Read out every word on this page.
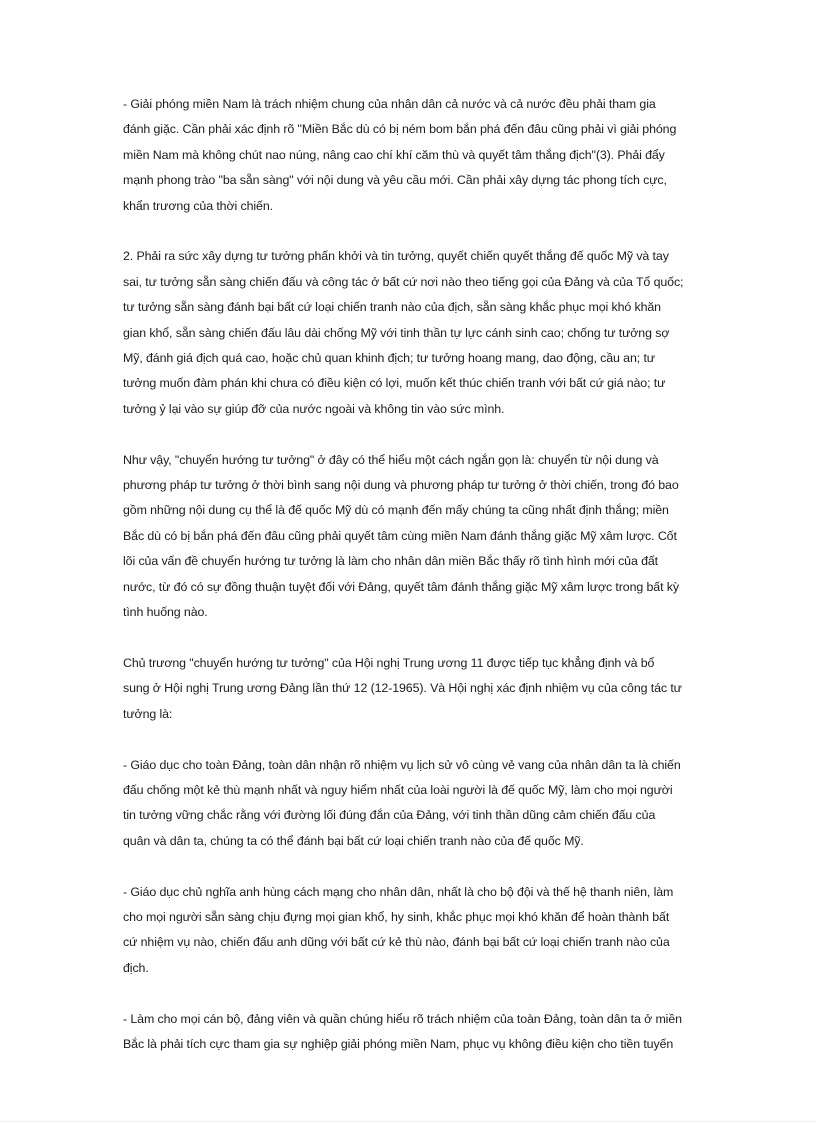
- Giải phóng miền Nam là trách nhiệm chung của nhân dân cả nước và cả nước đều phải tham gia
đánh giặc. Cần phải xác định rõ "Miền Bắc dù có bị ném bom bắn phá đến đâu cũng phải vì giải phóng
miền Nam mà không chút nao núng, nâng cao chí khí căm thù và quyết tâm thắng địch"(3). Phải đẩy
mạnh phong trào "ba sẵn sàng" với nội dung và yêu cầu mới. Cần phải xây dựng tác phong tích cực,
khẩn trương của thời chiến.

2. Phải ra sức xây dựng tư tưởng phấn khởi và tin tưởng, quyết chiến quyết thắng đế quốc Mỹ và tay
sai, tư tưởng sẵn sàng chiến đấu và công tác ở bất cứ nơi nào theo tiếng gọi của Đảng và của Tổ quốc;
tư tưởng sẵn sàng đánh bại bất cứ loại chiến tranh nào của địch, sẵn sàng khắc phục mọi khó khăn
gian khổ, sẵn sàng chiến đấu lâu dài chống Mỹ với tinh thần tự lực cánh sinh cao; chống tư tưởng sợ
Mỹ, đánh giá địch quá cao, hoặc chủ quan khinh địch; tư tưởng hoang mang, dao động, cầu an; tư
tưởng muốn đàm phán khi chưa có điều kiện có lợi, muốn kết thúc chiến tranh với bất cứ giá nào; tư
tưởng ỷ lại vào sự giúp đỡ của nước ngoài và không tin vào sức mình.

Như vậy, "chuyển hướng tư tưởng" ở đây có thể hiểu một cách ngắn gọn là: chuyển từ nội dung và
phương pháp tư tưởng ở thời bình sang nội dung và phương pháp tư tưởng ở thời chiến, trong đó bao
gồm những nội dung cụ thể là đế quốc Mỹ dù có mạnh đến mấy chúng ta cũng nhất định thắng; miền
Bắc dù có bị bắn phá đến đâu cũng phải quyết tâm cùng miền Nam đánh thắng giặc Mỹ xâm lược. Cốt
lõi của vấn đề chuyển hướng tư tưởng là làm cho nhân dân miền Bắc thấy rõ tình hình mới của đất
nước, từ đó có sự đồng thuận tuyệt đối với Đảng, quyết tâm đánh thắng giặc Mỹ xâm lược trong bất kỳ
tình huống nào.

Chủ trương "chuyển hướng tư tưởng" của Hội nghị Trung ương 11 được tiếp tục khẳng định và bổ
sung ở Hội nghị Trung ương Đảng lần thứ 12 (12-1965). Và Hội nghị xác định nhiệm vụ của công tác tư
tưởng là:

- Giáo dục cho toàn Đảng, toàn dân nhận rõ nhiệm vụ lịch sử vô cùng vẻ vang của nhân dân ta là chiến
đấu chống một kẻ thù mạnh nhất và nguy hiểm nhất của loài người là đế quốc Mỹ, làm cho mọi người
tin tưởng vững chắc rằng với đường lối đúng đắn của Đảng, với tinh thần dũng cảm chiến đấu của
quân và dân ta, chúng ta có thể đánh bại bất cứ loại chiến tranh nào của đế quốc Mỹ.

- Giáo dục chủ nghĩa anh hùng cách mạng cho nhân dân, nhất là cho bộ đội và thế hệ thanh niên, làm
cho mọi người sẵn sàng chịu đựng mọi gian khổ, hy sinh, khắc phục mọi khó khăn để hoàn thành bất
cứ nhiệm vụ nào, chiến đấu anh dũng với bất cứ kẻ thù nào, đánh bại bất cứ loại chiến tranh nào của
địch.

- Làm cho mọi cán bộ, đảng viên và quần chúng hiểu rõ trách nhiệm của toàn Đảng, toàn dân ta ở miền
Bắc là phải tích cực tham gia sự nghiệp giải phóng miền Nam, phục vụ không điều kiện cho tiền tuyến
